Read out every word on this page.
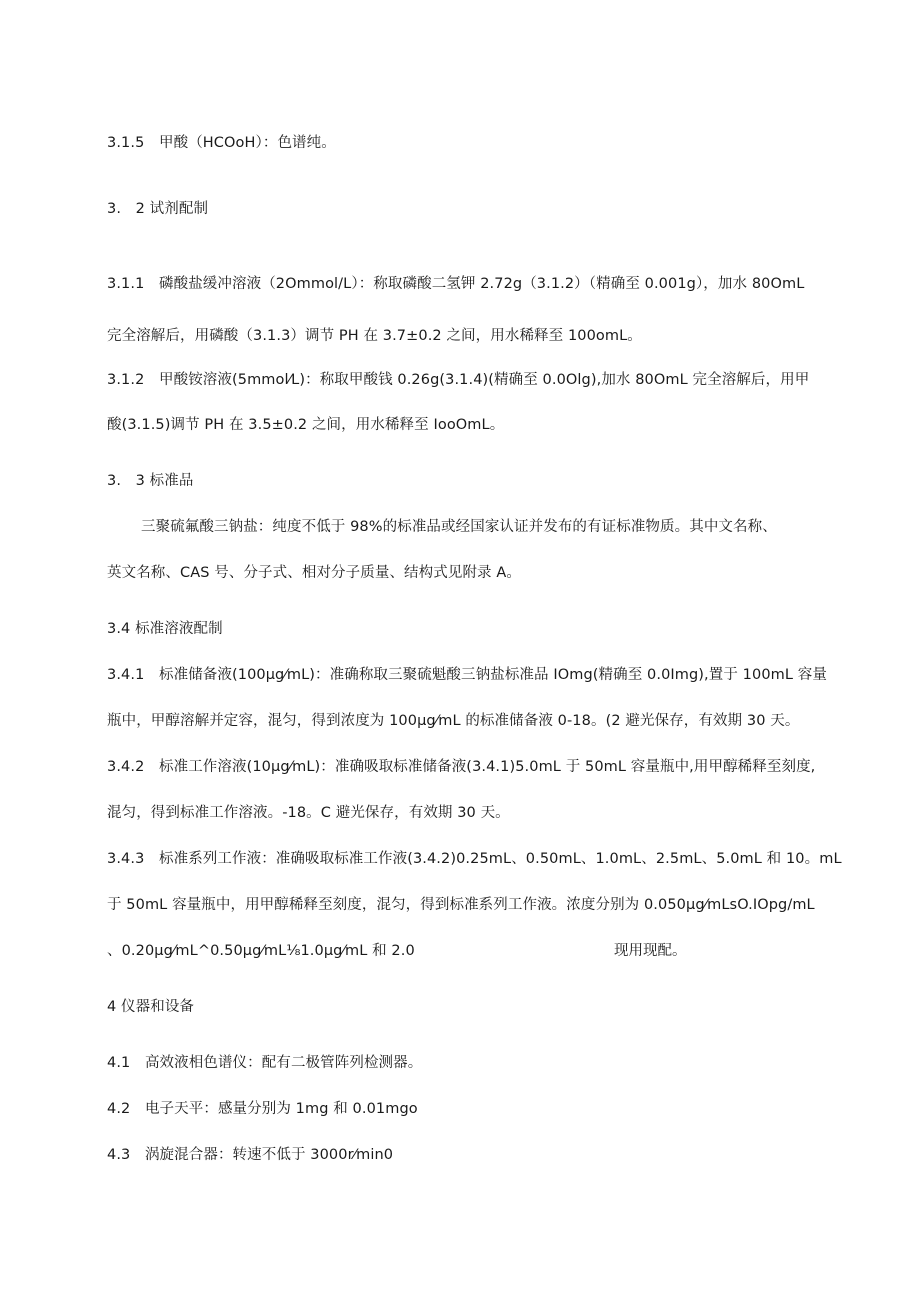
3.1.5　甲酸（HCOoH）：色谱纯。
3.　2 试剂配制
3.1.1　磷酸盐缓冲溶液（2Ommol/L）：称取磷酸二氢钾 2.72g（3.1.2）（精确至 0.001g），加水 80OmL
完全溶解后，用磷酸（3.1.3）调节 PH 在 3.7±0.2 之间，用水稀释至 100omL。
3.1.2　甲酸铵溶液(5mmol⁄L)：称取甲酸钱 0.26g(3.1.4)(精确至 0.0Olg),加水 80OmL 完全溶解后，用甲
酸(3.1.5)调节 PH 在 3.5±0.2 之间，用水稀释至 IooOmL。
3.　3 标准品
三聚硫氟酸三钠盐：纯度不低于 98%的标准品或经国家认证并发布的有证标准物质。其中文名称、
英文名称、CAS 号、分子式、相对分子质量、结构式见附录 A。
3.4 标准溶液配制
3.4.1　标准储备液(100μg⁄mL)：准确称取三聚硫魁酸三钠盐标准品 IOmg(精确至 0.0Img),置于 100mL 容量
瓶中，甲醇溶解并定容，混匀，得到浓度为 100μg⁄mL 的标准储备液 0-18。(2 避光保存，有效期 30 天。
3.4.2　标准工作溶液(10μg⁄mL)：准确吸取标准储备液(3.4.1)5.0mL 于 50mL 容量瓶中,用甲醇稀释至刻度,
混匀，得到标准工作溶液。-18。C 避光保存，有效期 30 天。
3.4.3　标准系列工作液：准确吸取标准工作液(3.4.2)0.25mL、0.50mL、1.0mL、2.5mL、5.0mL 和 10。mL
于 50mL 容量瓶中，用甲醇稀释至刻度，混匀，得到标准系列工作液。浓度分别为 0.050μg⁄mLsO.IOpg/mL
、0.20μg⁄mL^0.50μg⁄mL⅛1.0μg⁄mL 和 2.0	现用现配。
4 仪器和设备
4.1　高效液相色谱仪：配有二极管阵列检测器。
4.2　电子天平：感量分别为 1mg 和 0.01mgo
4.3　涡旋混合器：转速不低于 3000r⁄min0
